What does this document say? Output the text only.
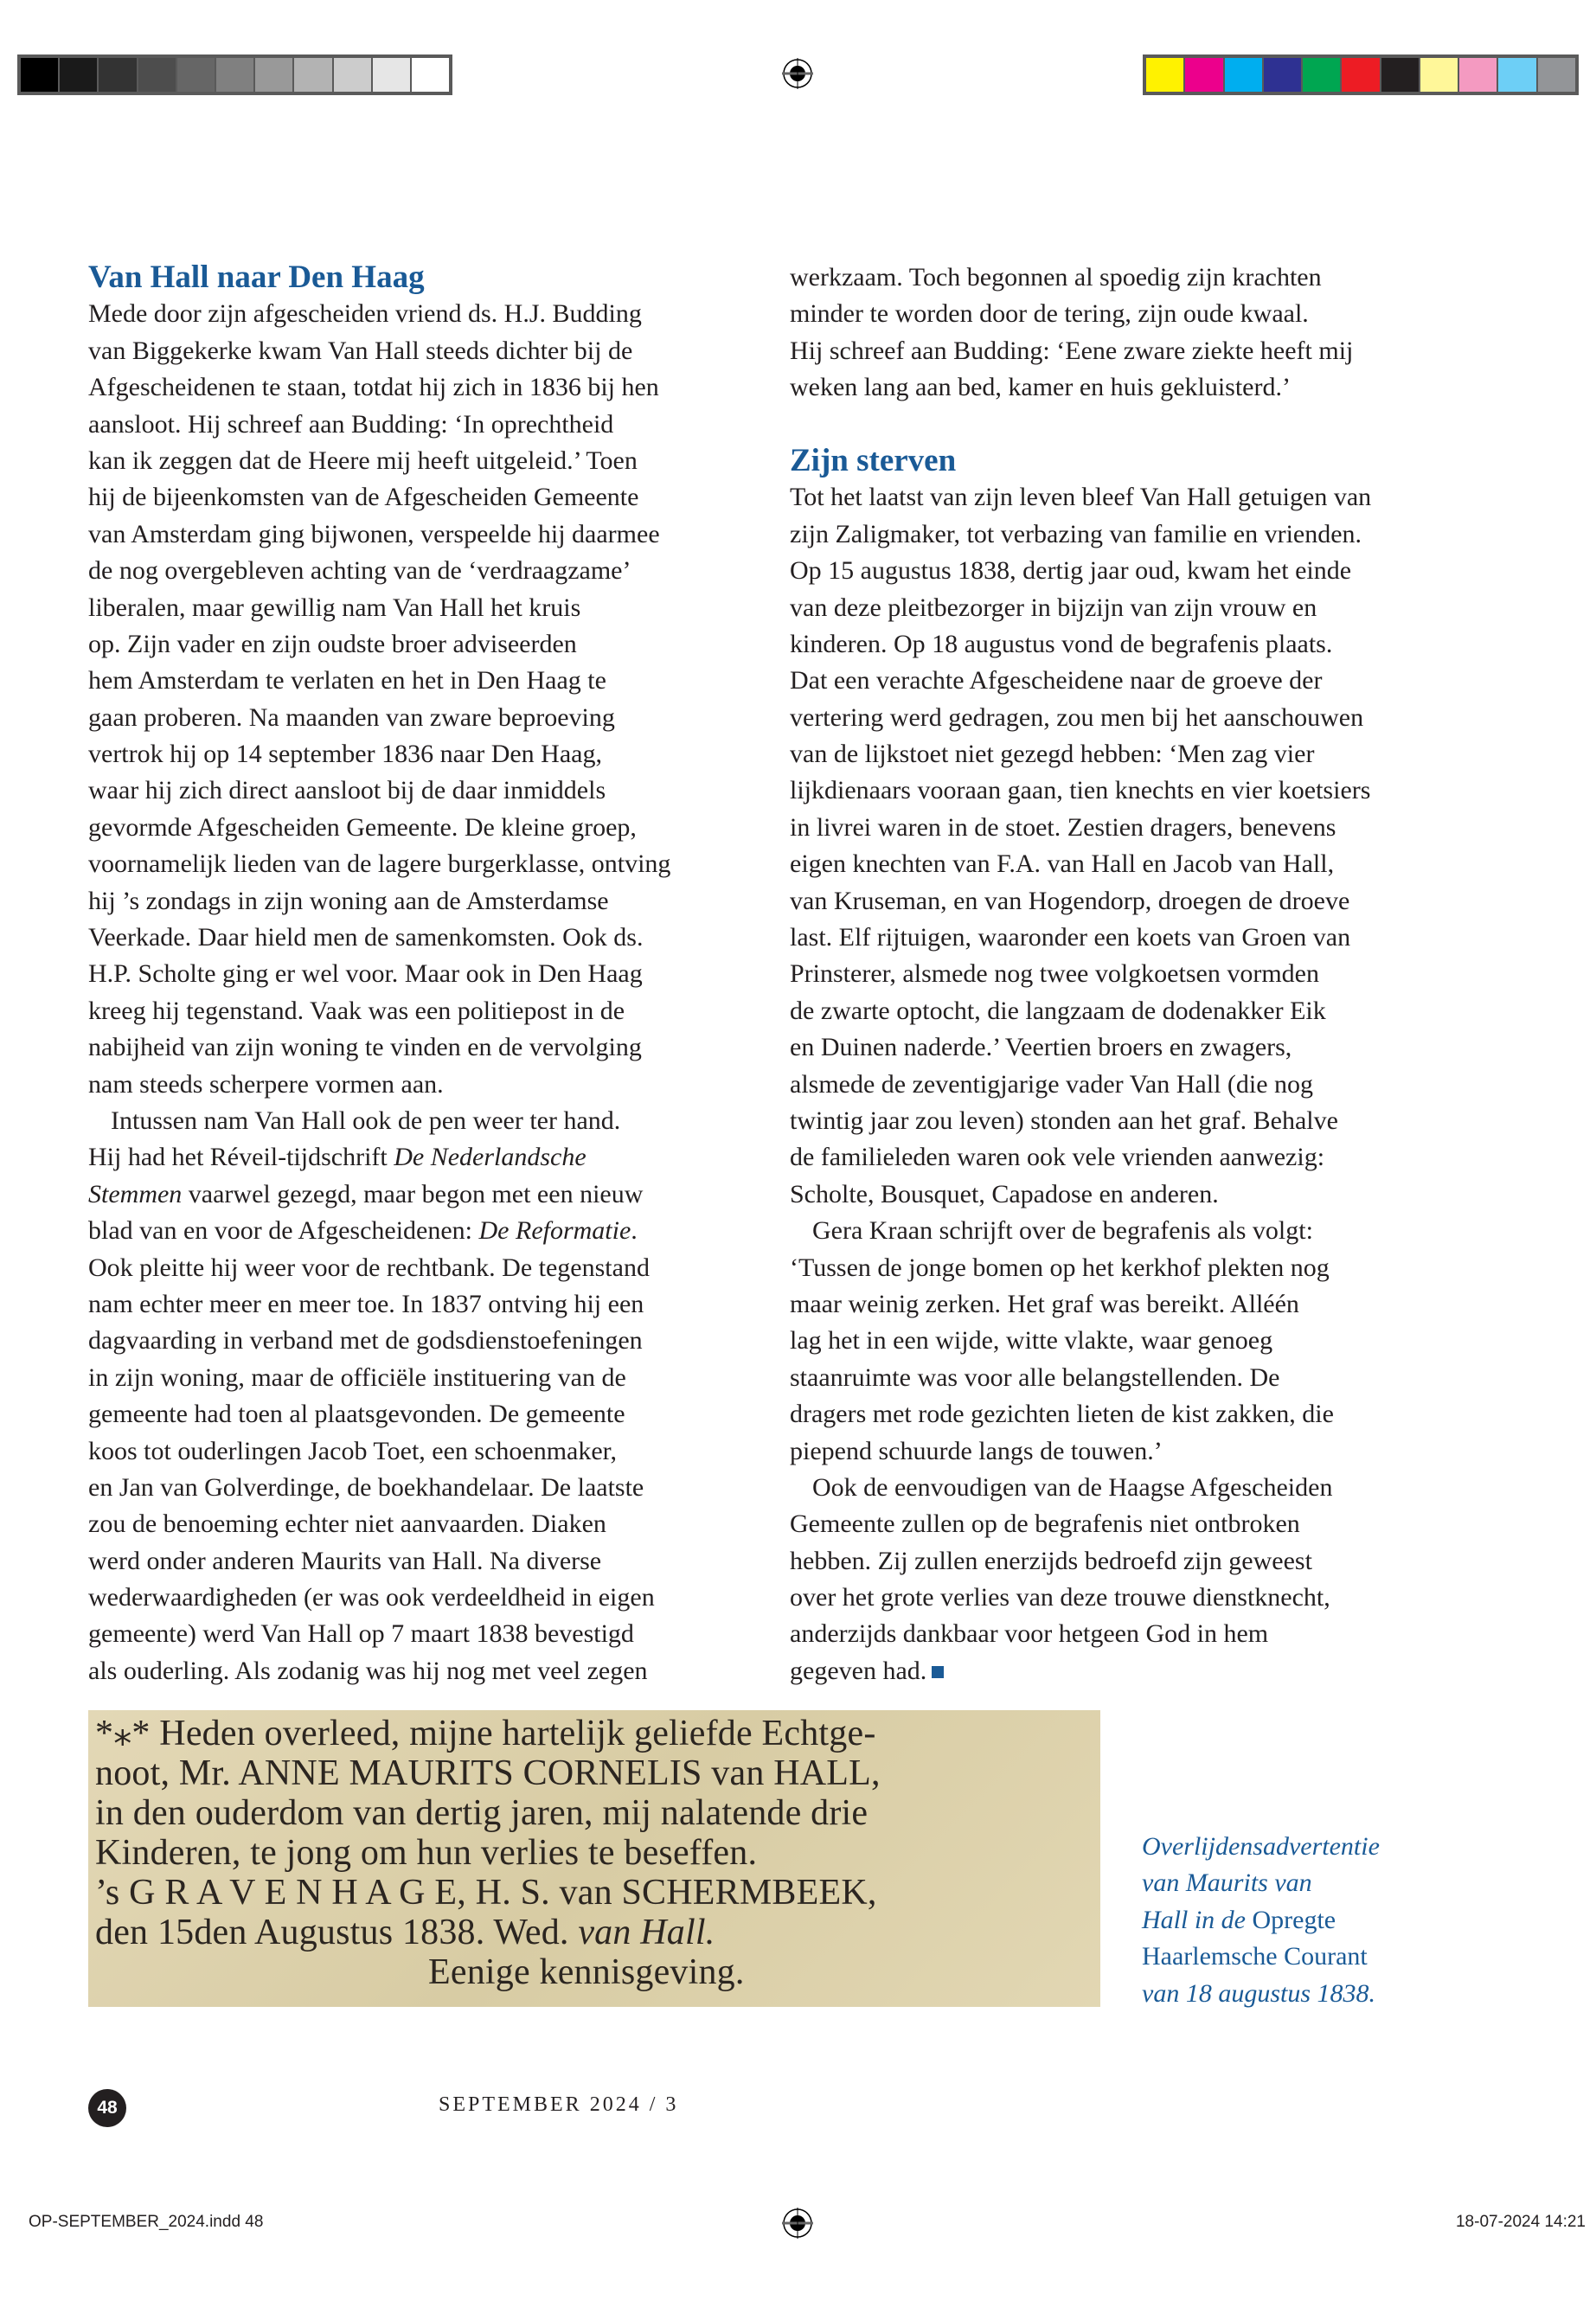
Van Hall naar Den Haag
Mede door zijn afgescheiden vriend ds. H.J. Budding
van Biggekerke kwam Van Hall steeds dichter bij de
Afgescheidenen te staan, totdat hij zich in 1836 bij hen
aansloot. Hij schreef aan Budding: ‘In oprechtheid
kan ik zeggen dat de Heere mij heeft uitgeleid.’ Toen
hij de bijeenkomsten van de Afgescheiden Gemeente
van Amsterdam ging bijwonen, verspeelde hij daarmee
de nog overgebleven achting van de ‘verdraagzame’
liberalen, maar gewillig nam Van Hall het kruis
op. Zijn vader en zijn oudste broer adviseerden
hem Amsterdam te verlaten en het in Den Haag te
gaan proberen. Na maanden van zware beproeving
vertrok hij op 14 september 1836 naar Den Haag,
waar hij zich direct aansloot bij de daar inmiddels
gevormde Afgescheiden Gemeente. De kleine groep,
voornamelijk lieden van de lagere burgerklasse, ontving
hij ’s zondags in zijn woning aan de Amsterdamse
Veerkade. Daar hield men de samenkomsten. Ook ds.
H.P. Scholte ging er wel voor. Maar ook in Den Haag
kreeg hij tegenstand. Vaak was een politiepost in de
nabijheid van zijn woning te vinden en de vervolging
nam steeds scherpere vormen aan.
Intussen nam Van Hall ook de pen weer ter hand.
Hij had het Réveil-tijdschrift De Nederlandsche
Stemmen vaarwel gezegd, maar begon met een nieuw
blad van en voor de Afgescheidenen: De Reformatie.
Ook pleitte hij weer voor de rechtbank. De tegenstand
nam echter meer en meer toe. In 1837 ontving hij een
dagvaarding in verband met de godsdienstoefeningen
in zijn woning, maar de officiële instituering van de
gemeente had toen al plaatsgevonden. De gemeente
koos tot ouderlingen Jacob Toet, een schoenmaker,
en Jan van Golverdinge, de boekhandelaar. De laatste
zou de benoeming echter niet aanvaarden. Diaken
werd onder anderen Maurits van Hall. Na diverse
wederwaardigheden (er was ook verdeeldheid in eigen
gemeente) werd Van Hall op 7 maart 1838 bevestigd
als ouderling. Als zodanig was hij nog met veel zegen
werkzaam. Toch begonnen al spoedig zijn krachten
minder te worden door de tering, zijn oude kwaal.
Hij schreef aan Budding: ‘Eene zware ziekte heeft mij
weken lang aan bed, kamer en huis gekluisterd.’
Zijn sterven
Tot het laatst van zijn leven bleef Van Hall getuigen van
zijn Zaligmaker, tot verbazing van familie en vrienden.
Op 15 augustus 1838, dertig jaar oud, kwam het einde
van deze pleitbezorger in bijzijn van zijn vrouw en
kinderen. Op 18 augustus vond de begrafenis plaats.
Dat een verachte Afgescheidene naar de groeve der
vertering werd gedragen, zou men bij het aanschouwen
van de lijkstoet niet gezegd hebben: ‘Men zag vier
lijkdienaars vooraan gaan, tien knechts en vier koetsiers
in livrei waren in de stoet. Zestien dragers, benevens
eigen knechten van F.A. van Hall en Jacob van Hall,
van Kruseman, en van Hogendorp, droegen de droeve
last. Elf rijtuigen, waaronder een koets van Groen van
Prinsterer, alsmede nog twee volgkoetsen vormden
de zwarte optocht, die langzaam de dodenakker Eik
en Duinen naderde.’ Veertien broers en zwagers,
alsmede de zeventigjarige vader Van Hall (die nog
twintig jaar zou leven) stonden aan het graf. Behalve
de familieleden waren ook vele vrienden aanwezig:
Scholte, Bousquet, Capadose en anderen.
Gera Kraan schrijft over de begrafenis als volgt:
‘Tussen de jonge bomen op het kerkhof plekten nog
maar weinig zerken. Het graf was bereikt. Alléén
lag het in een wijde, witte vlakte, waar genoeg
staanruimte was voor alle belangstellenden. De
dragers met rode gezichten lieten de kist zakken, die
piepend schuurde langs de touwen.’
Ook de eenvoudigen van de Haagse Afgescheiden
Gemeente zullen op de begrafenis niet ontbroken
hebben. Zij zullen enerzijds bedroefd zijn geweest
over het grote verlies van deze trouwe dienstknecht,
anderzijds dankbaar voor hetgeen God in hem
gegeven had.
*⁎* Heden overleed, mijne hartelijk geliefde Echtge-
noot, Mr. ANNE MAURITS CORNELIS van HALL,
in den ouderdom van dertig jaren, mij nalatende drie
Kinderen, te jong om hun verlies te beseffen.
’s G R A V E N H A G E, H. S. van SCHERMBEEK,
den 15den Augustus 1838. Wed. van Hall.
Eenige kennisgeving.
Overlijdensadvertentie
van Maurits van
Hall in de Opregte
Haarlemsche Courant
van 18 augustus 1838.
48	SEPTEMBER 2024 / 3
OP-SEPTEMBER_2024.indd 48	18-07-2024 14:21
